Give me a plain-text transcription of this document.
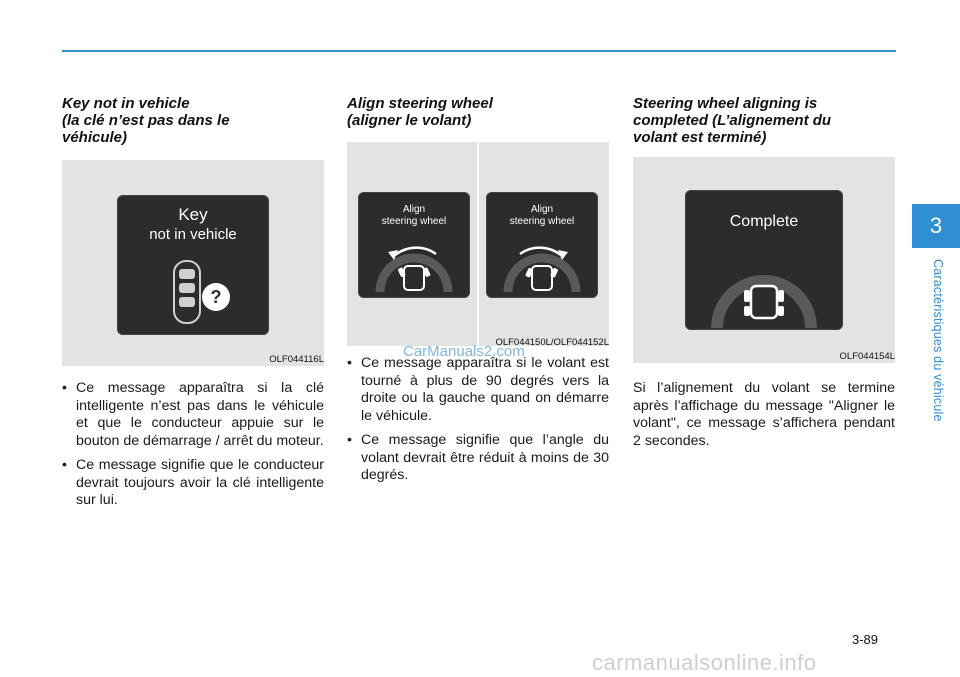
Key not in vehicle
(la clé n’est pas dans le
véhicule)
Key
not in vehicle
?
OLF044116L
• Ce message apparaîtra si la clé intelligente n’est pas dans le véhicule et que le conducteur appuie sur le bouton de démarrage / arrêt du moteur.
• Ce message signifie que le conducteur devrait toujours avoir la clé intelligente sur lui.
Align steering wheel
(aligner le volant)
Align
steering wheel
Align
steering wheel
OLF044150L/OLF044152L
• Ce message apparaîtra si le volant est tourné à plus de 90 degrés vers la droite ou la gauche quand on démarre le véhicule.
• Ce message signifie que l’angle du volant devrait être réduit à moins de 30 degrés.
Steering wheel aligning is
completed (L’alignement du
volant est terminé)
Complete
OLF044154L

Si l’alignement du volant se termine après l’affichage du message "Aligner le volant", ce message s’affichera pendant 2 secondes.

3
Caractéristiques du véhicule
3-89
CarManuals2.com
carmanualsonline.info
